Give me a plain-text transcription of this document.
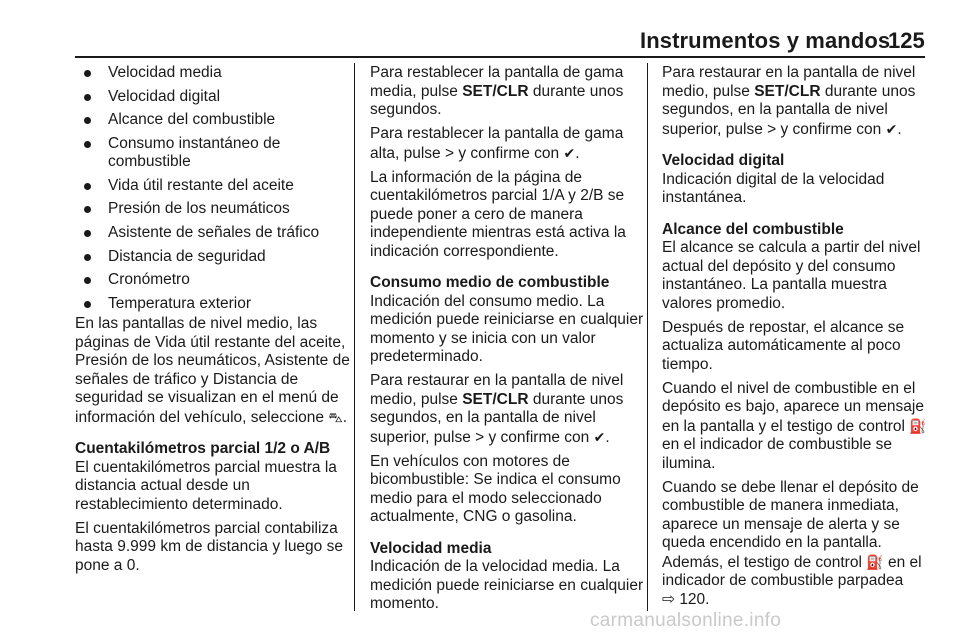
Instrumentos y mandos
125
Velocidad media
Velocidad digital
Alcance del combustible
Consumo instantáneo de combustible
Vida útil restante del aceite
Presión de los neumáticos
Asistente de señales de tráfico
Distancia de seguridad
Cronómetro
Temperatura exterior

En las pantallas de nivel medio, las páginas de Vida útil restante del aceite, Presión de los neumáticos, Asistente de señales de tráfico y Distancia de seguridad se visualizan en el menú de información del vehículo, seleccione ⛍.

Cuentakilómetros parcial 1/2 o A/B

El cuentakilómetros parcial muestra la distancia actual desde un restablecimiento determinado.

El cuentakilómetros parcial contabiliza hasta 9.999 km de distancia y luego se pone a 0.

Para restablecer la pantalla de gama media, pulse SET/CLR durante unos segundos.

Para restablecer la pantalla de gama alta, pulse > y confirme con ✔.

La información de la página de cuentakilómetros parcial 1/A y 2/B se puede poner a cero de manera independiente mientras está activa la indicación correspondiente.

Consumo medio de combustible

Indicación del consumo medio. La medición puede reiniciarse en cualquier momento y se inicia con un valor predeterminado.

Para restaurar en la pantalla de nivel medio, pulse SET/CLR durante unos segundos, en la pantalla de nivel superior, pulse > y confirme con ✔.

En vehículos con motores de bicombustible: Se indica el consumo medio para el modo seleccionado actualmente, CNG o gasolina.

Velocidad media

Indicación de la velocidad media. La medición puede reiniciarse en cualquier momento.

Para restaurar en la pantalla de nivel medio, pulse SET/CLR durante unos segundos, en la pantalla de nivel superior, pulse > y confirme con ✔.

Velocidad digital

Indicación digital de la velocidad instantánea.

Alcance del combustible

El alcance se calcula a partir del nivel actual del depósito y del consumo instantáneo. La pantalla muestra valores promedio.

Después de repostar, el alcance se actualiza automáticamente al poco tiempo.

Cuando el nivel de combustible en el depósito es bajo, aparece un mensaje en la pantalla y el testigo de control ⛽ en el indicador de combustible se ilumina.

Cuando se debe llenar el depósito de combustible de manera inmediata, aparece un mensaje de alerta y se queda encendido en la pantalla. Además, el testigo de control ⛽ en el indicador de combustible parpadea
⇨ 120.

carmanualsonline.info
